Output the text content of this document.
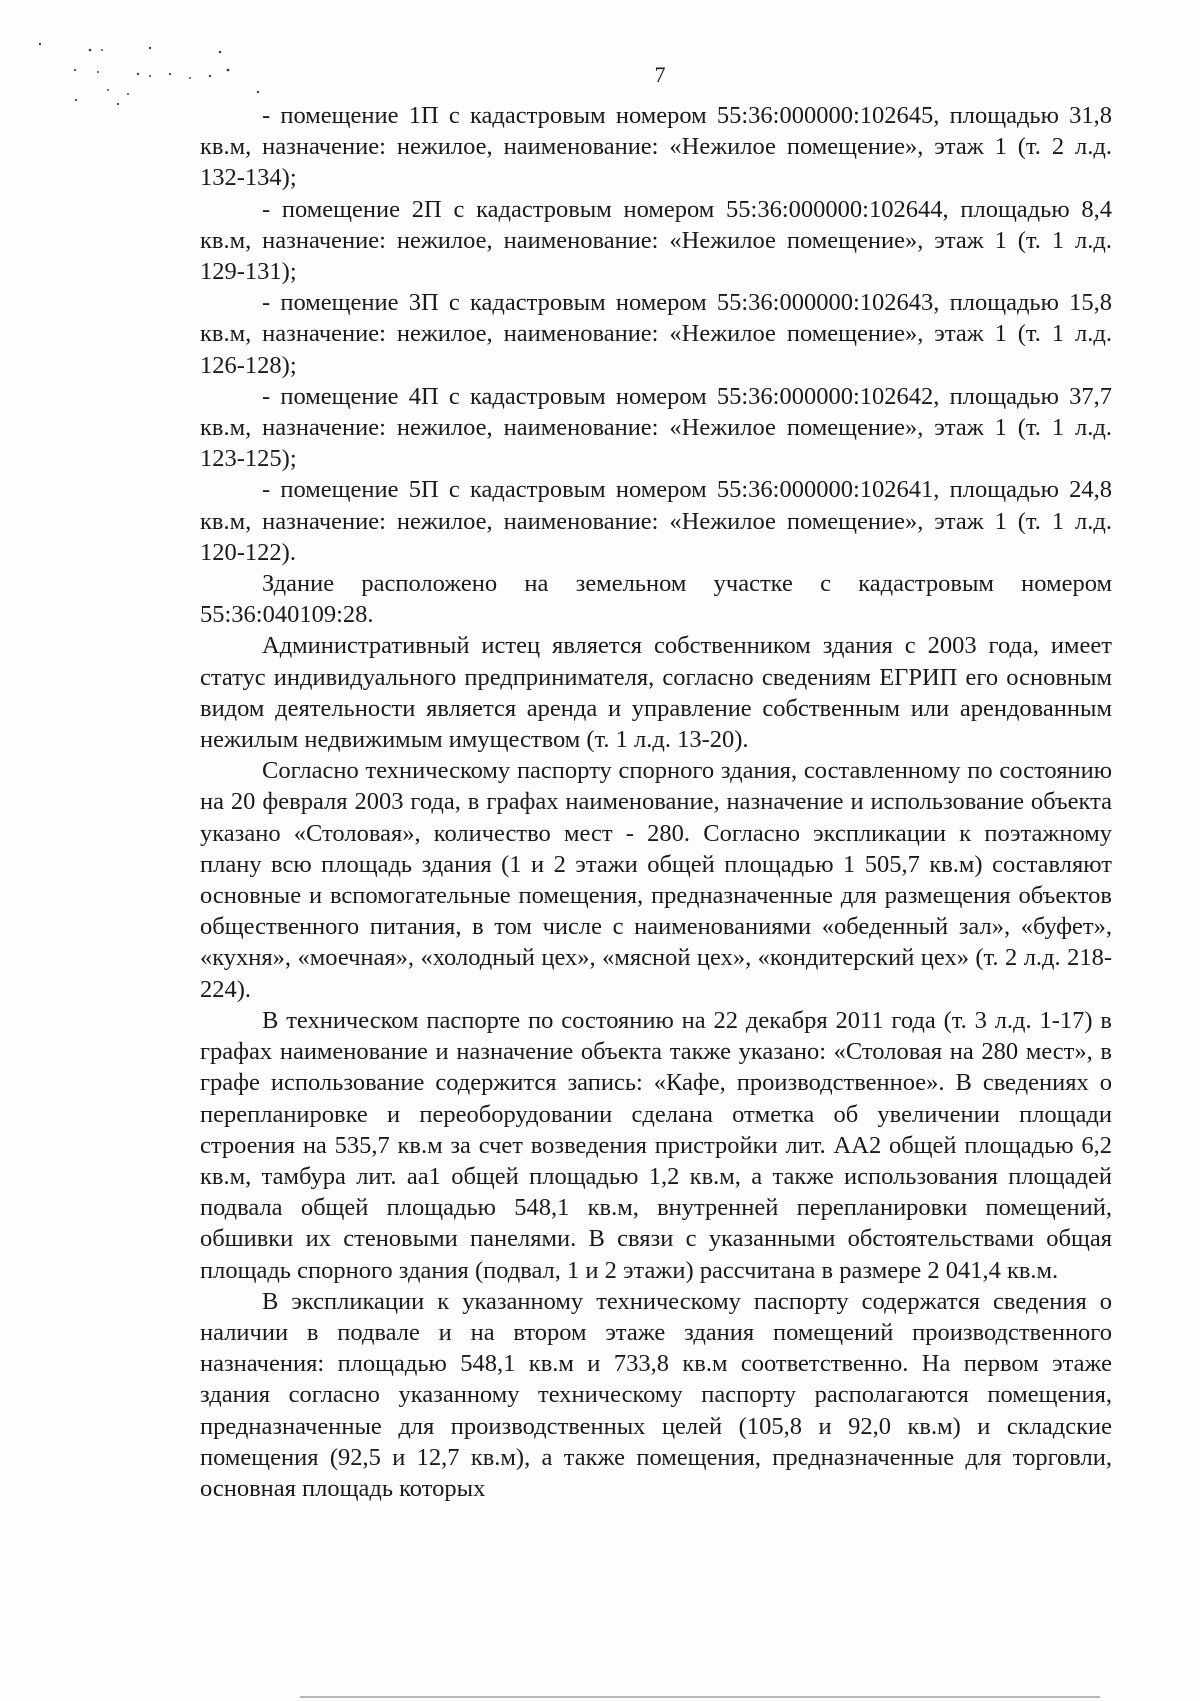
7

- помещение 1П с кадастровым номером 55:36:000000:102645, площадью 31,8 кв.м, назначение: нежилое, наименование: «Нежилое помещение», этаж 1 (т. 2 л.д. 132-134);

- помещение 2П с кадастровым номером 55:36:000000:102644, площадью 8,4 кв.м, назначение: нежилое, наименование: «Нежилое помещение», этаж 1 (т. 1 л.д. 129-131);

- помещение 3П с кадастровым номером 55:36:000000:102643, площадью 15,8 кв.м, назначение: нежилое, наименование: «Нежилое помещение», этаж 1 (т. 1 л.д. 126-128);

- помещение 4П с кадастровым номером 55:36:000000:102642, площадью 37,7 кв.м, назначение: нежилое, наименование: «Нежилое помещение», этаж 1 (т. 1 л.д. 123-125);

- помещение 5П с кадастровым номером 55:36:000000:102641, площадью 24,8 кв.м, назначение: нежилое, наименование: «Нежилое помещение», этаж 1 (т. 1 л.д. 120-122).

Здание расположено на земельном участке с кадастровым номером 55:36:040109:28.

Административный истец является собственником здания с 2003 года, имеет статус индивидуального предпринимателя, согласно сведениям ЕГРИП его основным видом деятельности является аренда и управление собственным или арендованным нежилым недвижимым имуществом (т. 1 л.д. 13-20).

Согласно техническому паспорту спорного здания, составленному по состоянию на 20 февраля 2003 года, в графах наименование, назначение и использование объекта указано «Столовая», количество мест - 280. Согласно экспликации к поэтажному плану всю площадь здания (1 и 2 этажи общей площадью 1 505,7 кв.м) составляют основные и вспомогательные помещения, предназначенные для размещения объектов общественного питания, в том числе с наименованиями «обеденный зал», «буфет», «кухня», «моечная», «холодный цех», «мясной цех», «кондитерский цех» (т. 2 л.д. 218-224).

В техническом паспорте по состоянию на 22 декабря 2011 года (т. 3 л.д. 1-17) в графах наименование и назначение объекта также указано: «Столовая на 280 мест», в графе использование содержится запись: «Кафе, производственное». В сведениях о перепланировке и переоборудовании сделана отметка об увеличении площади строения на 535,7 кв.м за счет возведения пристройки лит. АА2 общей площадью 6,2 кв.м, тамбура лит. аа1 общей площадью 1,2 кв.м, а также использования площадей подвала общей площадью 548,1 кв.м, внутренней перепланировки помещений, обшивки их стеновыми панелями. В связи с указанными обстоятельствами общая площадь спорного здания (подвал, 1 и 2 этажи) рассчитана в размере 2 041,4 кв.м.

В экспликации к указанному техническому паспорту содержатся сведения о наличии в подвале и на втором этаже здания помещений производственного назначения: площадью 548,1 кв.м и 733,8 кв.м соответственно. На первом этаже здания согласно указанному техническому паспорту располагаются помещения, предназначенные для производственных целей (105,8 и 92,0 кв.м) и складские помещения (92,5 и 12,7 кв.м), а также помещения, предназначенные для торговли, основная площадь которых
